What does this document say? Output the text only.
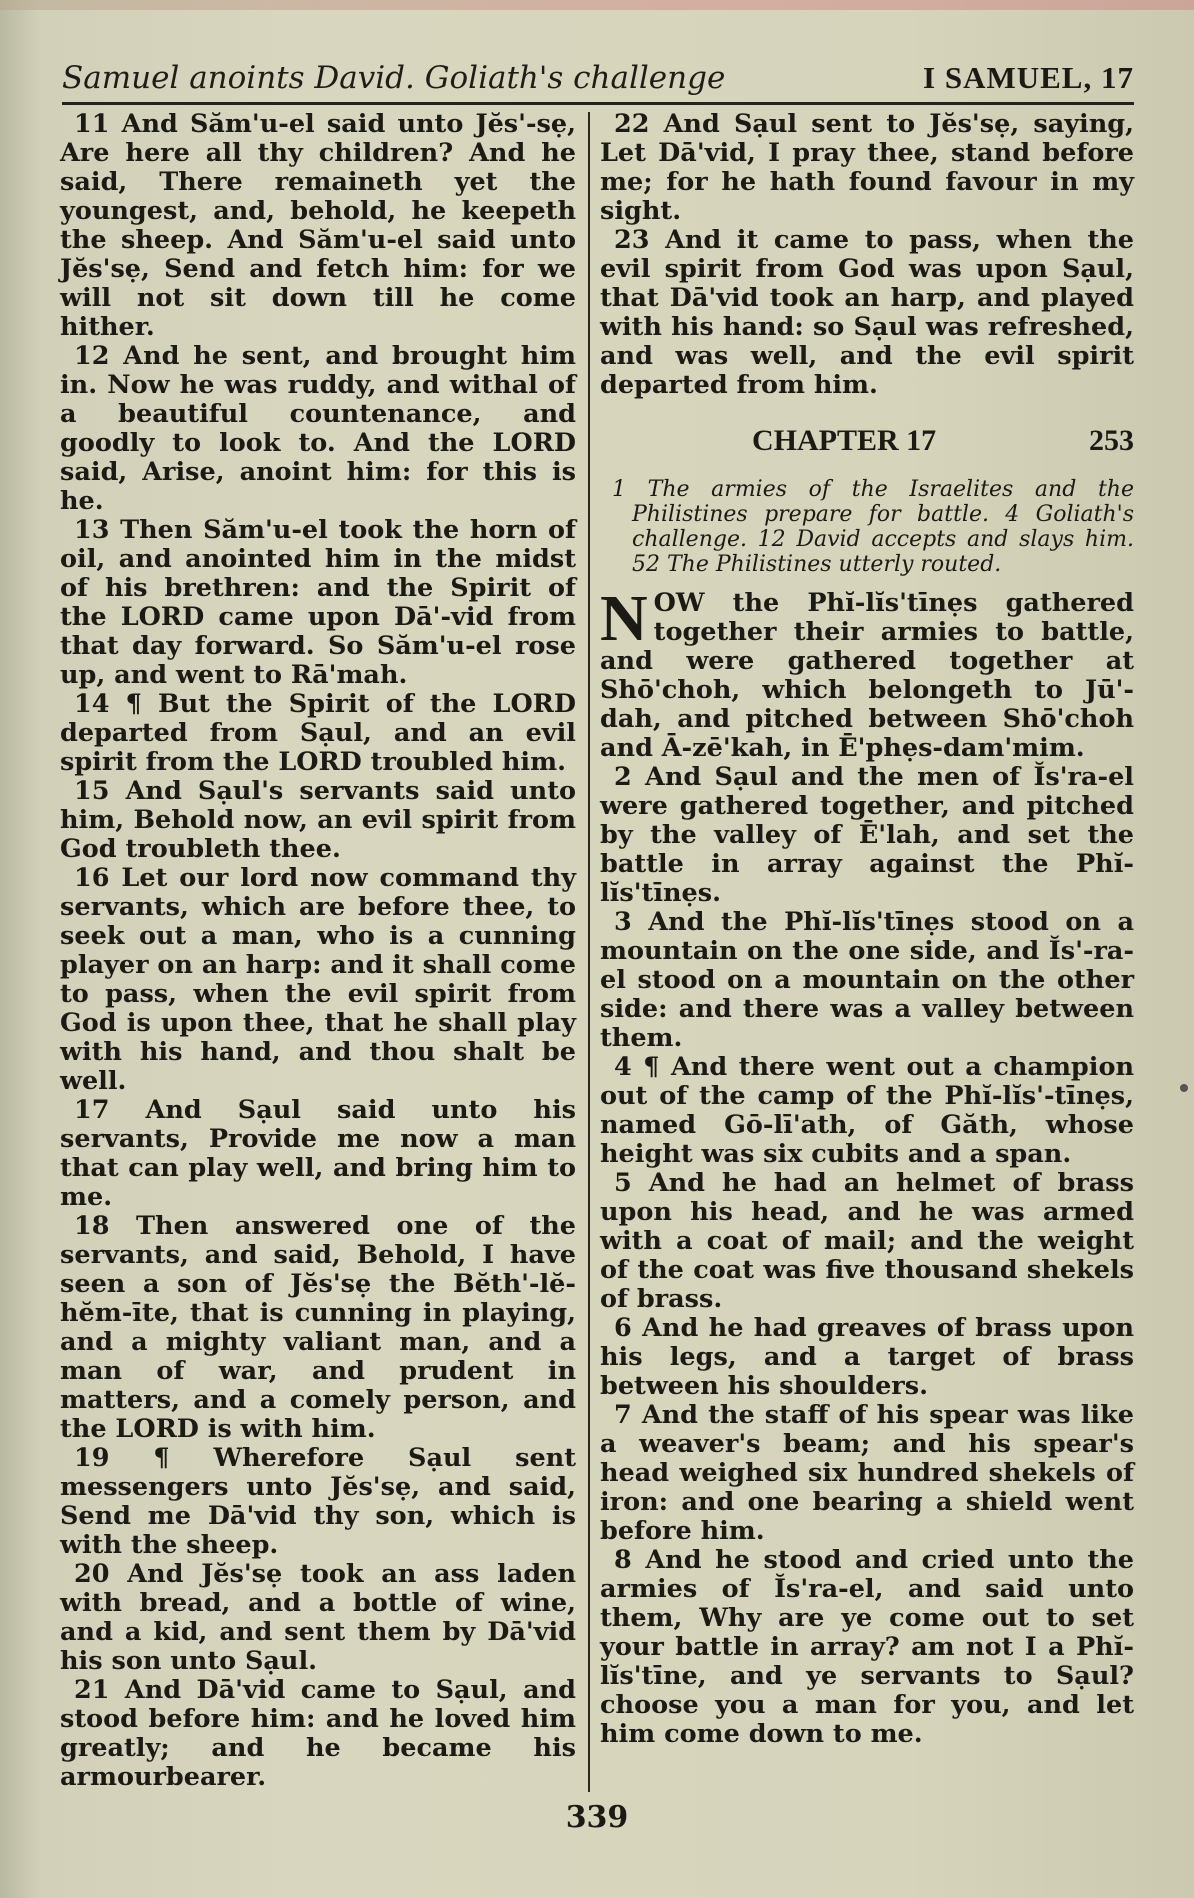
Samuel anoints David. Goliath's challenge	I SAMUEL, 17

11 And Săm'u-el said unto Jĕs'-sẹ, Are here all thy children? And he said, There remaineth yet the youngest, and, behold, he keepeth the sheep. And Săm'u-el said unto Jĕs'sẹ, Send and fetch him: for we will not sit down till he come hither.

12 And he sent, and brought him in. Now he was ruddy, and withal of a beautiful countenance, and goodly to look to. And the LORD said, Arise, anoint him: for this is he.

13 Then Săm'u-el took the horn of oil, and anointed him in the midst of his brethren: and the Spirit of the LORD came upon Dā'-vid from that day forward. So Săm'u-el rose up, and went to Rā'mah.

14 ¶ But the Spirit of the LORD departed from Sạul, and an evil spirit from the LORD troubled him.

15 And Sạul's servants said unto him, Behold now, an evil spirit from God troubleth thee.

16 Let our lord now command thy servants, which are before thee, to seek out a man, who is a cunning player on an harp: and it shall come to pass, when the evil spirit from God is upon thee, that he shall play with his hand, and thou shalt be well.

17 And Sạul said unto his servants, Provide me now a man that can play well, and bring him to me.

18 Then answered one of the servants, and said, Behold, I have seen a son of Jĕs'sẹ the Bĕth'-lĕ-hĕm-īte, that is cunning in playing, and a mighty valiant man, and a man of war, and prudent in matters, and a comely person, and the LORD is with him.

19 ¶ Wherefore Sạul sent messengers unto Jĕs'sẹ, and said, Send me Dā'vid thy son, which is with the sheep.

20 And Jĕs'sẹ took an ass laden with bread, and a bottle of wine, and a kid, and sent them by Dā'vid his son unto Sạul.

21 And Dā'vid came to Sạul, and stood before him: and he loved him greatly; and he became his armourbearer.

22 And Sạul sent to Jĕs'sẹ, saying, Let Dā'vid, I pray thee, stand before me; for he hath found favour in my sight.

23 And it came to pass, when the evil spirit from God was upon Sạul, that Dā'vid took an harp, and played with his hand: so Sạul was refreshed, and was well, and the evil spirit departed from him.

CHAPTER 17	253

1 The armies of the Israelites and the Philistines prepare for battle. 4 Goliath's challenge. 12 David accepts and slays him. 52 The Philistines utterly routed.

NOW the Phĭ-lĭs'tīnẹs gathered together their armies to battle, and were gathered together at Shō'choh, which belongeth to Jū'-dah, and pitched between Shō'choh and Ā-zē'kah, in Ē'phẹs-dam'mim.

2 And Sạul and the men of Ĭs'ra-el were gathered together, and pitched by the valley of Ē'lah, and set the battle in array against the Phĭ-lĭs'tīnẹs.

3 And the Phĭ-lĭs'tīnẹs stood on a mountain on the one side, and Ĭs'-ra-el stood on a mountain on the other side: and there was a valley between them.

4 ¶ And there went out a champion out of the camp of the Phĭ-lĭs'-tīnẹs, named Gō-lī'ath, of Găth, whose height was six cubits and a span.

5 And he had an helmet of brass upon his head, and he was armed with a coat of mail; and the weight of the coat was five thousand shekels of brass.

6 And he had greaves of brass upon his legs, and a target of brass between his shoulders.

7 And the staff of his spear was like a weaver's beam; and his spear's head weighed six hundred shekels of iron: and one bearing a shield went before him.

8 And he stood and cried unto the armies of Ĭs'ra-el, and said unto them, Why are ye come out to set your battle in array? am not I a Phĭ-lĭs'tīne, and ye servants to Sạul? choose you a man for you, and let him come down to me.

339
